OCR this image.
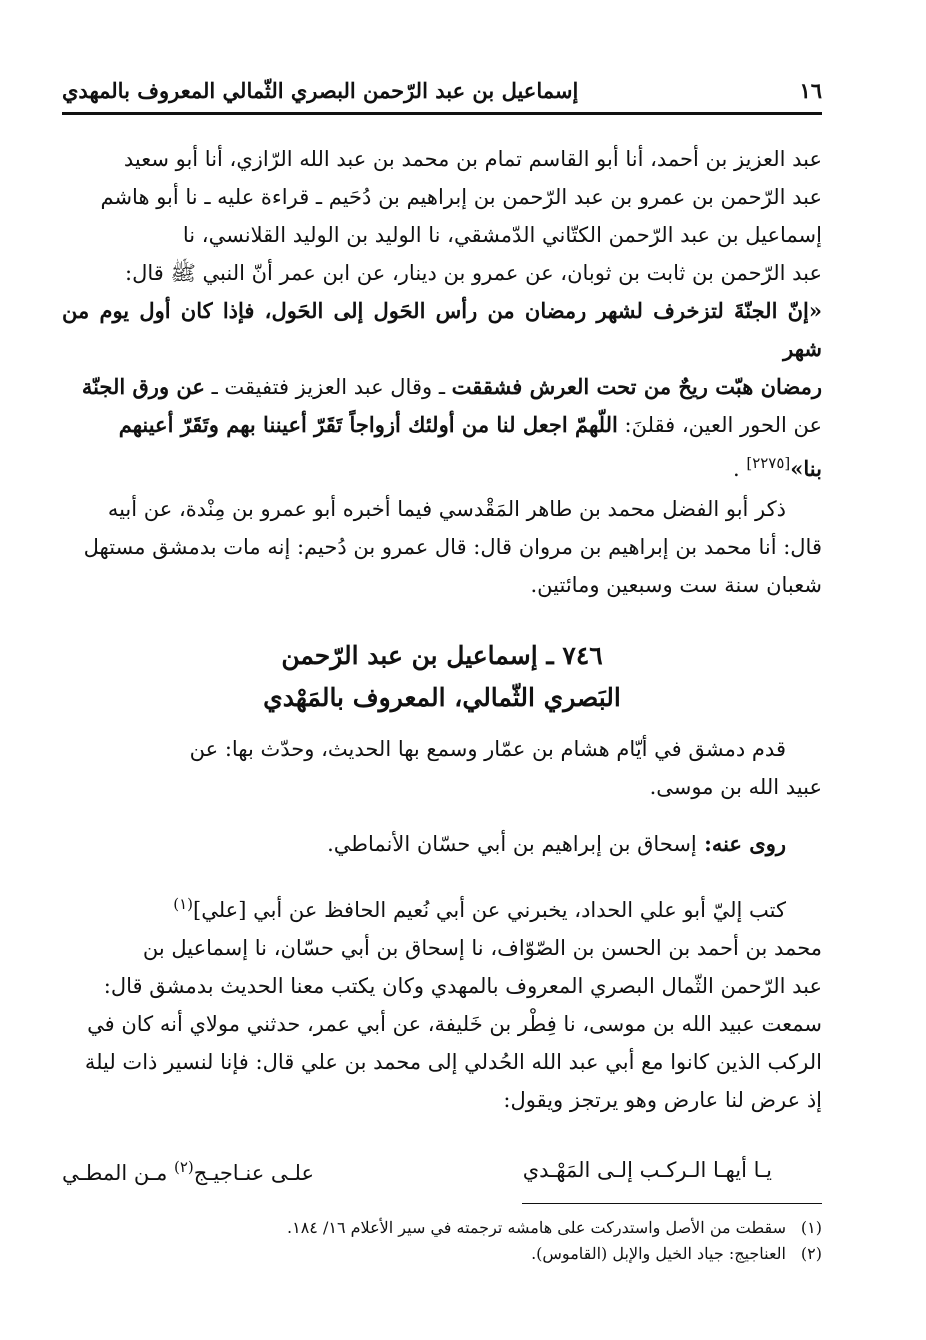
١٦
إسماعيل بن عبد الرّحمن البصري الثّمالي المعروف بالمهدي
عبد العزيز بن أحمد، أنا أبو القاسم تمام بن محمد بن عبد الله الرّازي، أنا أبو سعيد
عبد الرّحمن بن عمرو بن عبد الرّحمن بن إبراهيم بن دُحَيم ـ قراءة عليه ـ نا أبو هاشم
إسماعيل بن عبد الرّحمن الكتّاني الدّمشقي، نا الوليد بن الوليد القلانسي، نا
عبد الرّحمن بن ثابت بن ثوبان، عن عمرو بن دينار، عن ابن عمر أنّ النبي ﷺ قال:
«إنّ الجنّةَ لتزخرف لشهر رمضان من رأس الحَول إلى الحَول، فإذا كان أول يوم من شهر
رمضان هبّت ريحٌ من تحت العرش فشققت ـ وقال عبد العزيز فتفيقت ـ عن ورق الجنّة
عن الحور العين، فقلنَ: اللّهمّ اجعل لنا من أولئك أزواجاً تَقَرّ أعيننا بهم وتَقَرّ أعينهم
بنا»[٢٢٧٥] .
ذكر أبو الفضل محمد بن طاهر المَقْدسي فيما أخبره أبو عمرو بن مِنْدة، عن أبيه
قال: أنا محمد بن إبراهيم بن مروان قال: قال عمرو بن دُحيم: إنه مات بدمشق مستهل
شعبان سنة ست وسبعين ومائتين.
٧٤٦ ـ إسماعيل بن عبد الرّحمن
البَصري الثّمالي، المعروف بالمَهْدي
قدم دمشق في أيّام هشام بن عمّار وسمع بها الحديث، وحدّث بها: عن
عبيد الله بن موسى.
روى عنه: إسحاق بن إبراهيم بن أبي حسّان الأنماطي.
كتب إليّ أبو علي الحداد، يخبرني عن أبي نُعيم الحافظ عن أبي [علي]$^{(١)}$
محمد بن أحمد بن الحسن بن الصّوّاف، نا إسحاق بن أبي حسّان، نا إسماعيل بن
عبد الرّحمن الثّمال البصري المعروف بالمهدي وكان يكتب معنا الحديث بدمشق قال:
سمعت عبيد الله بن موسى، نا فِطْر بن خَليفة، عن أبي عمر، حدثني مولاي أنه كان في
الركب الذين كانوا مع أبي عبد الله الحُدلي إلى محمد بن علي قال: فإنا لنسير ذات ليلة
إذ عرض لنا عارض وهو يرتجز ويقول:
يـا أيهـا الـركـب إلـى المَهْـدي
علـى عنـاجيـج$^{(٢)}$ مـن المطـي
(١)سقطت من الأصل واستدركت على هامشه ترجمته في سير الأعلام ١٦/ ١٨٤.
(٢)العناجيج: جياد الخيل والإبل (القاموس).
